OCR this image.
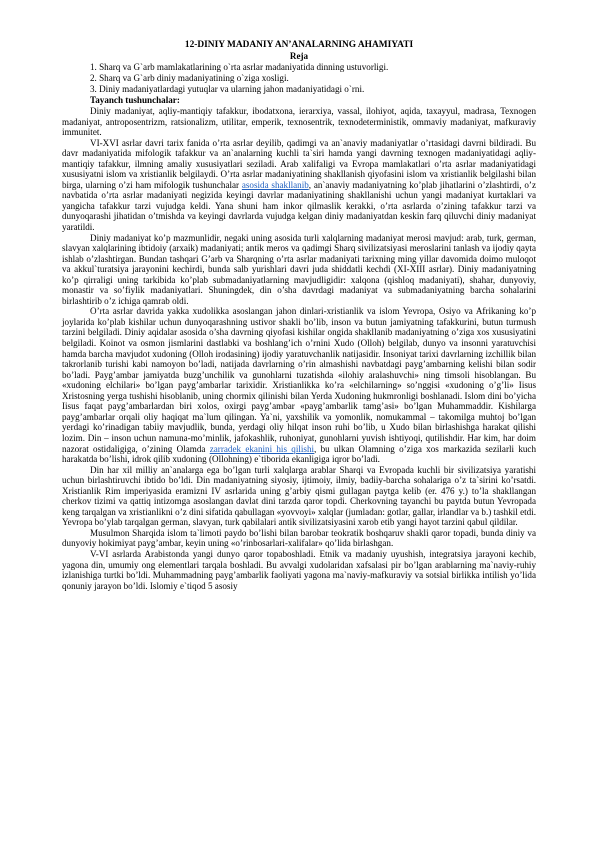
12-DINIY MADANIY AN’ANALARNING AHAMIYATI
Reja
1. Sharq va G`arb mamlakatlarining o`rta asrlar madaniyatida dinning ustuvorligi.
2. Sharq va G`arb diniy madaniyatining o`ziga xosligi.
3. Diniy madaniyatlardagi yutuqlar va ularning jahon madaniyatidagi o`rni.
Tayanch tushunchalar:

Diniy madaniyat, aqliy-mantiqiy tafakkur, ibodatxona, ierarxiya, vassal, ilohiyot, aqida, taxayyul, madrasa, Texnogen madaniyat, antroposentrizm, ratsionalizm, utilitar, emperik, texnosentrik, texnodeterministik, ommaviy madaniyat, mafkuraviy immunitet.

VI-XVI asrlar davri tarix fanida o’rta asrlar deyilib, qadimgi va an`anaviy madaniyatlar o’rtasidagi davrni bildiradi. Bu davr madaniyatida mifologik tafakkur va an`analarning kuchli ta`siri hamda yangi davrning texnogen madaniyatidagi aqliy-mantiqiy tafakkur, ilmning amaliy xususiyatlari seziladi. Arab xalifaligi va Evropa mamlakatlari o’rta asrlar madaniyatidagi xususiyatni islom va xristianlik belgilaydi. O’rta asrlar madaniyatining shakllanish qiyofasini islom va xristianlik belgilashi bilan birga, ularning o’zi ham mifologik tushunchalar asosida shakllanib, an`anaviy madaniyatning ko’plab jihatlarini o’zlashtirdi, o’z navbatida o’rta asrlar madaniyati negizida keyingi davrlar madaniyatining shakllanishi uchun yangi madaniyat kurtaklari va yangicha tafakkur tarzi vujudga keldi. Yana shuni ham inkor qilmaslik kerakki, o’rta asrlarda o’zining tafakkur tarzi va dunyoqarashi jihatidan o’tmishda va keyingi davrlarda vujudga kelgan diniy madaniyatdan keskin farq qiluvchi diniy madaniyat yaratildi.

Diniy madaniyat ko’p mazmunlidir, negaki uning asosida turli xalqlarning madaniyat merosi mavjud: arab, turk, german, slavyan xalqlarining ibtidoiy (arxaik) madaniyati; antik meros va qadimgi Sharq sivilizatsiyasi meroslarini tanlash va ijodiy qayta ishlab o’zlashtirgan. Bundan tashqari G’arb va Sharqning o’rta asrlar madaniyati tarixning ming yillar davomida doimo muloqot va akkul`turatsiya jarayonini kechirdi, bunda salb yurishlari davri juda shiddatli kechdi (XI-XIII asrlar). Diniy madaniyatning ko’p qirraligi uning tarkibida ko’plab submadaniyatlarning mavjudligidir: xalqona (qishloq madaniyati), shahar, dunyoviy, monastir va so’fiylik madaniyatlari. Shuningdek, din o’sha davrdagi madaniyat va submadaniyatning barcha sohalarini birlashtirib o’z ichiga qamrab oldi.

O’rta asrlar davrida yakka xudolikka asoslangan jahon dinlari-xristianlik va islom Yevropa, Osiyo va Afrikaning ko’p joylarida ko’plab kishilar uchun dunyoqarashning ustivor shakli bo’lib, inson va butun jamiyatning tafakkurini, butun turmush tarzini belgiladi. Diniy aqidalar asosida o’sha davrning qiyofasi kishilar ongida shakllanib madaniyatning o’ziga xos xususiyatini belgiladi. Koinot va osmon jismlarini dastlabki va boshlang’ich o’rnini Xudo (Olloh) belgilab, dunyo va insonni yaratuvchisi hamda barcha mavjudot xudoning (Olloh irodasining) ijodiy yaratuvchanlik natijasidir. Insoniyat tarixi davrlarning izchillik bilan takrorlanib turishi kabi namoyon bo’ladi, natijada davrlarning o’rin almashishi navbatdagi payg’ambarning kelishi bilan sodir bo’ladi. Payg’ambar jamiyatda buzg’unchilik va gunohlarni tuzatishda «ilohiy aralashuvchi» ning timsoli hisoblangan. Bu «xudoning elchilari» bo’lgan payg’ambarlar tarixidir. Xristianlikka ko’ra «elchilarning» so’nggisi «xudoning o’g’li» Iisus Xristosning yerga tushishi hisoblanib, uning chormix qilinishi bilan Yerda Xudoning hukmronligi boshlanadi. Islom dini bo’yicha Iisus faqat payg’ambarlardan biri xolos, oxirgi payg’ambar «payg’ambarlik tamg’asi» bo’lgan Muhammaddir. Kishilarga payg’ambarlar orqali oliy haqiqat ma`lum qilingan. Ya`ni, yaxshilik va yomonlik, nomukammal – takomilga muhtoj bo’lgan yerdagi ko’rinadigan tabiiy mavjudlik, bunda, yerdagi oliy hilqat inson ruhi bo’lib, u Xudo bilan birlashishga harakat qilishi lozim. Din – inson uchun namuna-mo’minlik, jafokashlik, ruhoniyat, gunohlarni yuvish ishtiyoqi, qutilishdir. Har kim, har doim nazorat ostidaligiga, o’zining Olamda zarradek ekanini his qilishi, bu ulkan Olamning o’ziga xos markazida sezilarli kuch harakatda bo’lishi, idrok qilib xudoning (Ollohning) e`tiborida ekanligiga iqror bo’ladi.

Din har xil milliy an`analarga ega bo’lgan turli xalqlarga arablar Sharqi va Evropada kuchli bir sivilizatsiya yaratishi uchun birlashtiruvchi ibtido bo’ldi. Din madaniyatning siyosiy, ijtimoiy, ilmiy, badiiy-barcha sohalariga o’z ta`sirini ko’rsatdi. Xristianlik Rim imperiyasida eramizni IV asrlarida uning g’arbiy qismi gullagan paytga kelib (er. 476 y.) to’la shakllangan cherkov tizimi va qattiq intizomga asoslangan davlat dini tarzda qaror topdi. Cherkovning tayanchi bu paytda butun Yevropada keng tarqalgan va xristianlikni o’z dini sifatida qabullagan «yovvoyi» xalqlar (jumladan: gotlar, gallar, irlandlar va b.) tashkil etdi. Yevropa bo’ylab tarqalgan german, slavyan, turk qabilalari antik sivilizatsiyasini xarob etib yangi hayot tarzini qabul qildilar.

Musulmon Sharqida islom ta`limoti paydo bo’lishi bilan barobar teokratik boshqaruv shakli qaror topadi, bunda diniy va dunyoviy hokimiyat payg’ambar, keyin uning «o’rinbosarlari-xalifalar» qo’lida birlashgan.

V-VI asrlarda Arabistonda yangi dunyo qaror topaboshladi. Etnik va madaniy uyushish, integratsiya jarayoni kechib, yagona din, umumiy ong elementlari tarqala boshladi. Bu avvalgi xudolaridan xafsalasi pir bo’lgan arablarning ma`naviy-ruhiy izlanishiga turtki bo’ldi. Muhammadning payg’ambarlik faoliyati yagona ma`naviy-mafkuraviy va sotsial birlikka intilish yo’lida qonuniy jarayon bo’ldi. Islomiy e`tiqod 5 asosiy
